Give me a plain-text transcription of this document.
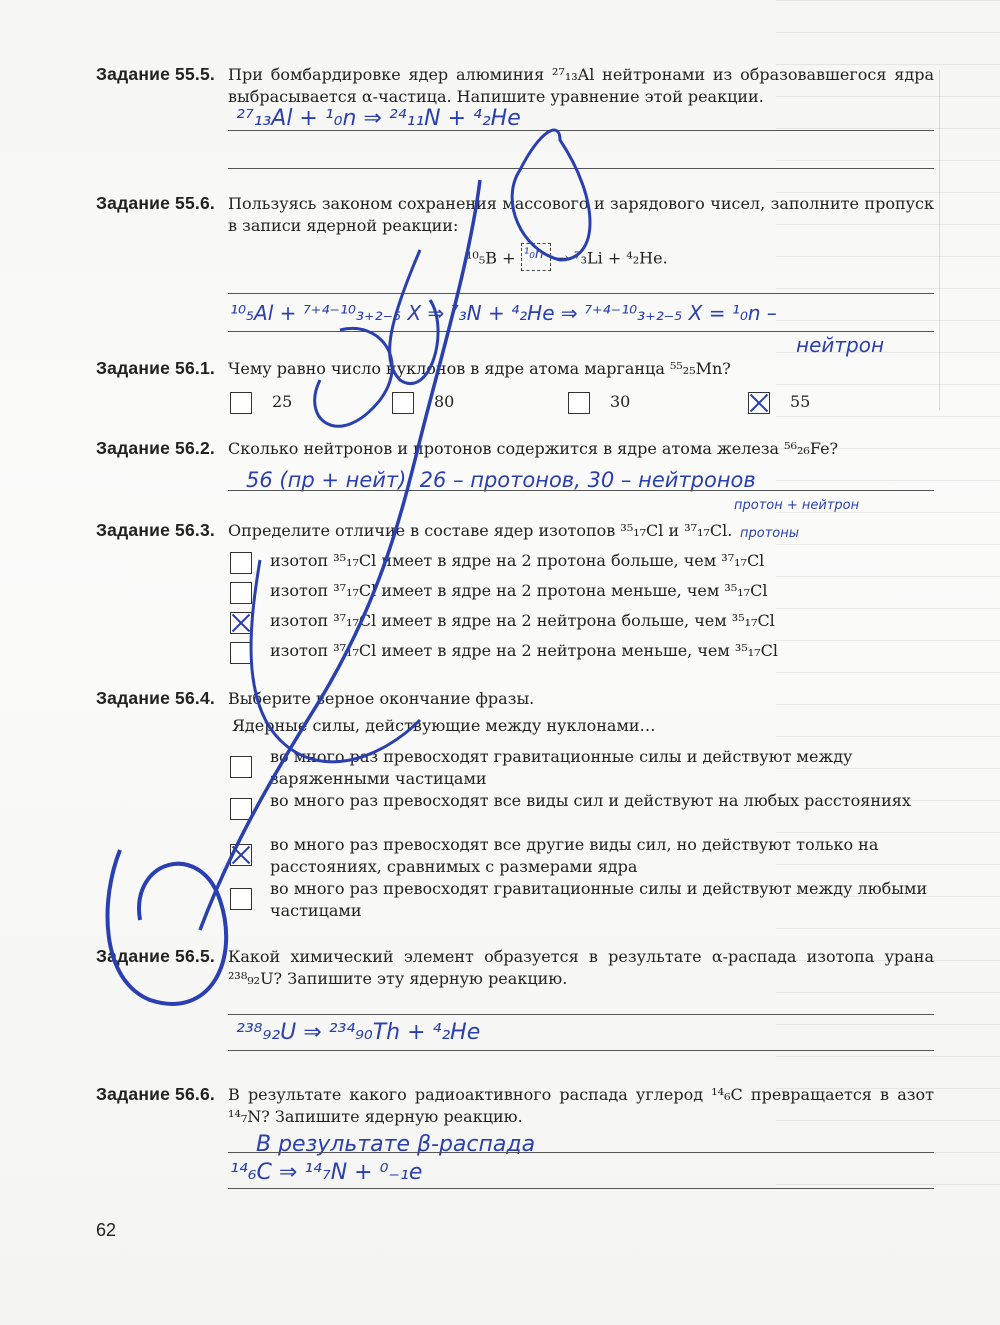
Задание 55.5. При бомбардировке ядер алюминия ²⁷₁₃Al нейтронами из образовавшегося ядра выбрасывается α-частица. Напишите уравнение этой реакции.
²⁷₁₃Al + ¹₀n ⇒ ²⁴₁₁N + ⁴₂He
Задание 55.6. Пользуясь законом сохранения массового и зарядового чисел, заполните пропуск в записи ядерной реакции:
¹⁰₅B + ¹₀n → ⁷₃Li + ⁴₂He.
¹⁰₅Al + ⁷⁺⁴⁻¹⁰₃₊₂₋₅ X ⇒ ⁷₃N + ⁴₂He ⇒ ⁷⁺⁴⁻¹⁰₃₊₂₋₅ X = ¹₀n –
нейтрон
Задание 56.1. Чему равно число нуклонов в ядре атома марганца ⁵⁵₂₅Mn?
25	80	30	55
Задание 56.2. Сколько нейтронов и протонов содержится в ядре атома железа ⁵⁶₂₆Fe?
56 (пр + нейт), 26 – протонов, 30 – нейтронов
протон + нейтрон
протоны
Задание 56.3. Определите отличие в составе ядер изотопов ³⁵₁₇Cl и ³⁷₁₇Cl.
изотоп ³⁵₁₇Cl имеет в ядре на 2 протона больше, чем ³⁷₁₇Cl
изотоп ³⁷₁₇Cl имеет в ядре на 2 протона меньше, чем ³⁵₁₇Cl
изотоп ³⁷₁₇Cl имеет в ядре на 2 нейтрона больше, чем ³⁵₁₇Cl
изотоп ³⁷₁₇Cl имеет в ядре на 2 нейтрона меньше, чем ³⁵₁₇Cl
Задание 56.4. Выберите верное окончание фразы.
Ядерные силы, действующие между нуклонами…
во много раз превосходят гравитационные силы и действуют между заряженными частицами
во много раз превосходят все виды сил и действуют на любых расстояниях
во много раз превосходят все другие виды сил, но действуют только на расстояниях, сравнимых с размерами ядра
во много раз превосходят гравитационные силы и действуют между любыми частицами
Задание 56.5. Какой химический элемент образуется в результате α-распада изотопа урана ²³⁸₉₂U? Запишите эту ядерную реакцию.
²³⁸₉₂U ⇒ ²³⁴₉₀Th + ⁴₂He
Задание 56.6. В результате какого радиоактивного распада углерод ¹⁴₆C превращается в азот ¹⁴₇N? Запишите ядерную реакцию.
В результате β-распада
¹⁴₆C ⇒ ¹⁴₇N + ⁰₋₁e
62
